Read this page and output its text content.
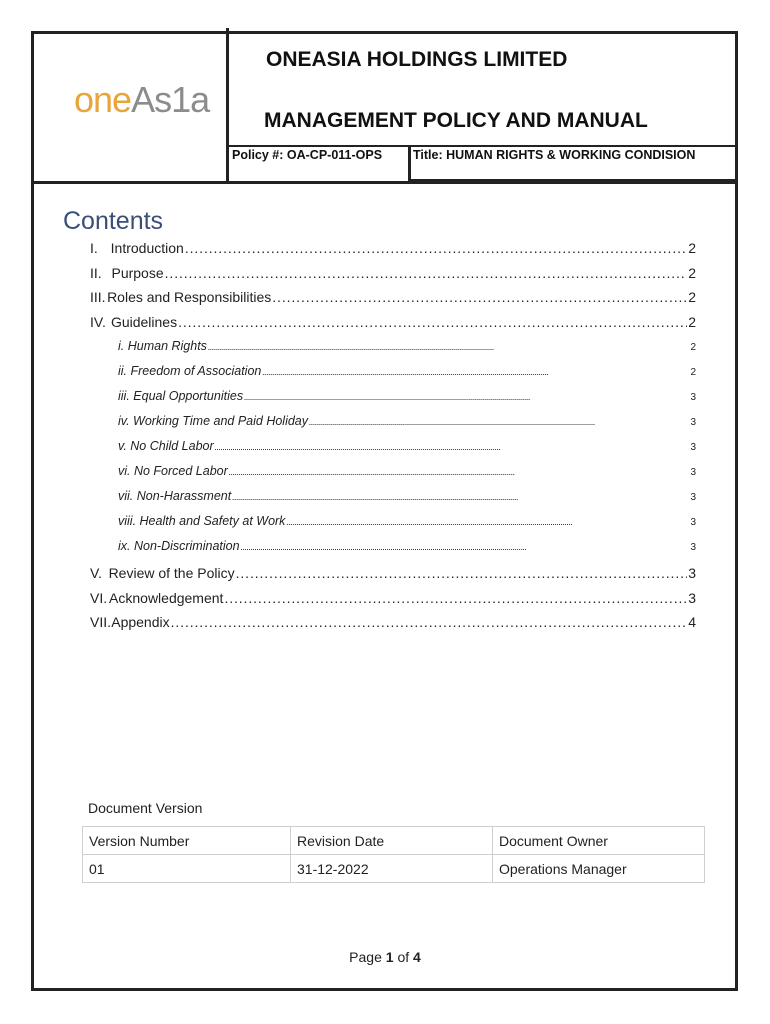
oneAs1a
ONEASIA HOLDINGS LIMITED
MANAGEMENT POLICY AND MANUAL
Policy #: OA-CP-011-OPS Title: HUMAN RIGHTS & WORKING CONDISION
Contents
I. Introduction . . .	2
II. Purpose . . .	2
III. Roles and Responsibilities . . .	2
IV. Guidelines . . .	2
i. Human Rights . . .	2
ii. Freedom of Association . . .	2
iii. Equal Opportunities . . .	3
iv. Working Time and Paid Holiday . . .	3
v. No Child Labor . . .	3
vi. No Forced Labor . . .	3
vii. Non-Harassment . . .	3
viii. Health and Safety at Work . . .	3
ix. Non-Discrimination . . .	3
V. Review of the Policy . . .	3
VI. Acknowledgement . . .	3
VII. Appendix . . .	4
Document Version
Version Number	Revision Date	Document Owner
01	31-12-2022	Operations Manager
Page 1 of 4
